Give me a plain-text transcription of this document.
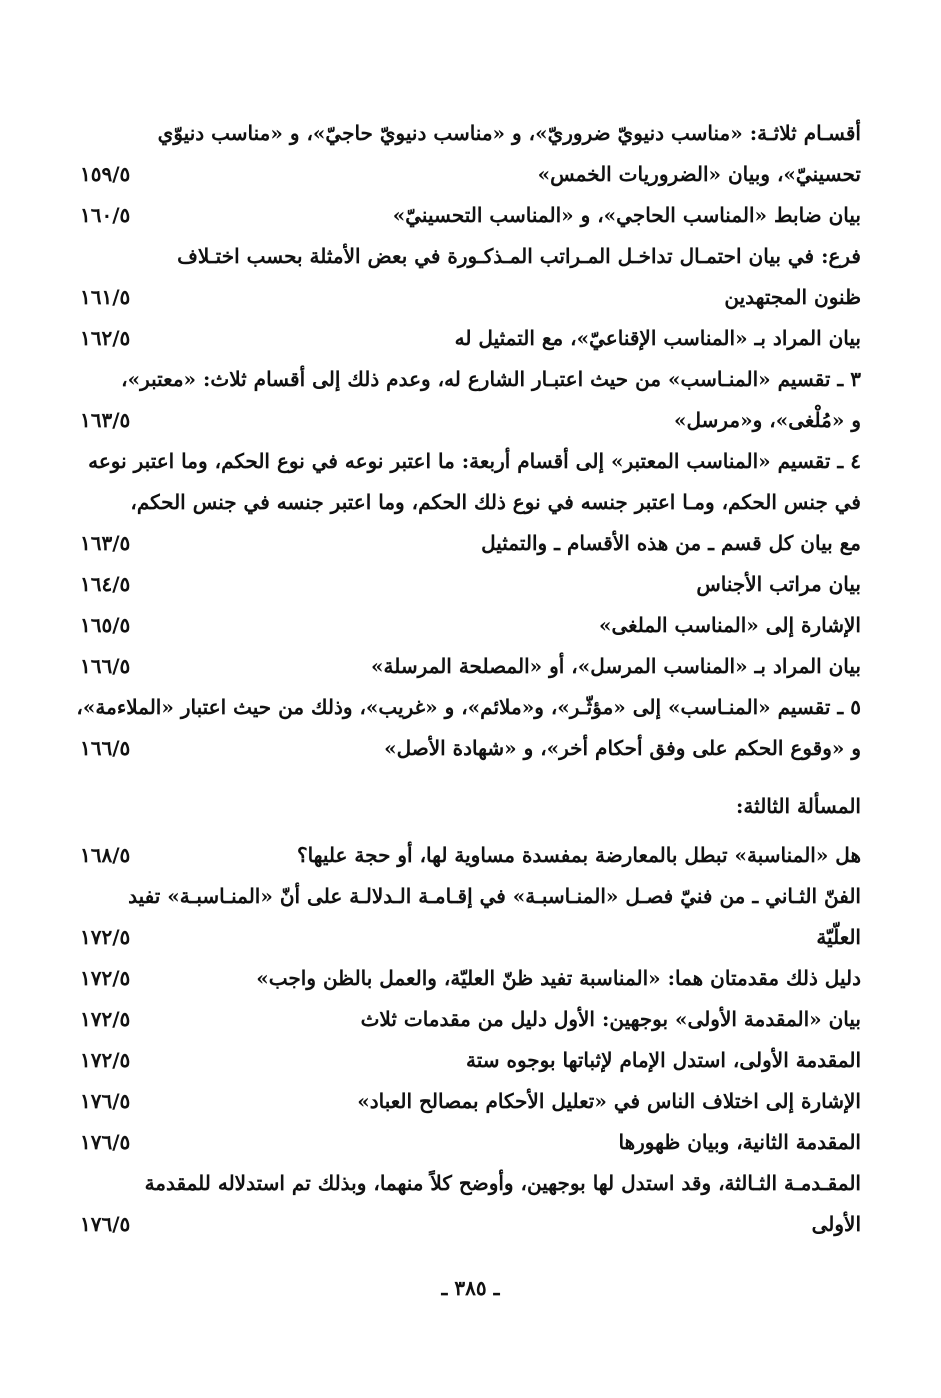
أقسـام ثلاثـة: «مناسب دنيويّ ضروريّ»، و «مناسب دنيويّ حاجيّ»، و «مناسب دنيوّي
تحسينيّ»، وبيان «الضروريات الخمس»
١٥٩/٥
بيان ضابط «المناسب الحاجي»، و «المناسب التحسينيّ»
١٦٠/٥
فرع: في بيان احتمـال تداخـل المـراتب المـذكـورة في بعض الأمثلة بحسب اختـلاف
ظنون المجتهدين
١٦١/٥
بيان المراد بـ «المناسب الإقناعيّ»، مع التمثيل له
١٦٢/٥
٣ ـ تقسيم «المنـاسب» من حيث اعتبـار الشارع له، وعدم ذلك إلى أقسام ثلاث: «معتبر»،
و «مُلْغى»، و«مرسل»
١٦٣/٥
٤ ـ تقسيم «المناسب المعتبر» إلى أقسام أربعة: ما اعتبر نوعه في نوع الحكم، وما اعتبر نوعه
في جنس الحكم، ومـا اعتبر جنسه في نوع ذلك الحكم، وما اعتبر جنسه في جنس الحكم،
مع بيان كل قسم ـ من هذه الأقسام ـ والتمثيل
١٦٣/٥
بيان مراتب الأجناس
١٦٤/٥
الإشارة إلى «المناسب الملغى»
١٦٥/٥
بيان المراد بـ «المناسب المرسل»، أو «المصلحة المرسلة»
١٦٦/٥
٥ ـ تقسيم «المنـاسب» إلى «مؤثّـر»، و«ملائم»، و «غريب»، وذلك من حيث اعتبار «الملاءمة»،
و «وقوع الحكم على وفق أحكام أخر»، و «شهادة الأصل»
١٦٦/٥
المسألة الثالثة:
هل «المناسبة» تبطل بالمعارضة بمفسدة مساوية لها، أو حجة عليها؟
١٦٨/٥
الفنّ الثـاني ـ من فنيّ فصـل «المنـاسبـة» في إقـامـة الـدلالـة على أنّ «المنـاسبـة» تفيد
العلّيّة
١٧٢/٥
دليل ذلك مقدمتان هما: «المناسبة تفيد ظنّ العليّة، والعمل بالظن واجب»
١٧٢/٥
بيان «المقدمة الأولى» بوجهين: الأول دليل من مقدمات ثلاث
١٧٢/٥
المقدمة الأولى، استدل الإمام لإثباتها بوجوه ستة
١٧٢/٥
الإشارة إلى اختلاف الناس في «تعليل الأحكام بمصالح العباد»
١٧٦/٥
المقدمة الثانية، وبيان ظهورها
١٧٦/٥
المقـدمـة الثـالثة، وقد استدل لها بوجهين، وأوضح كلاً منهما، وبذلك تم استدلاله للمقدمة
الأولى
١٧٦/٥
ـ ٣٨٥ ـ
